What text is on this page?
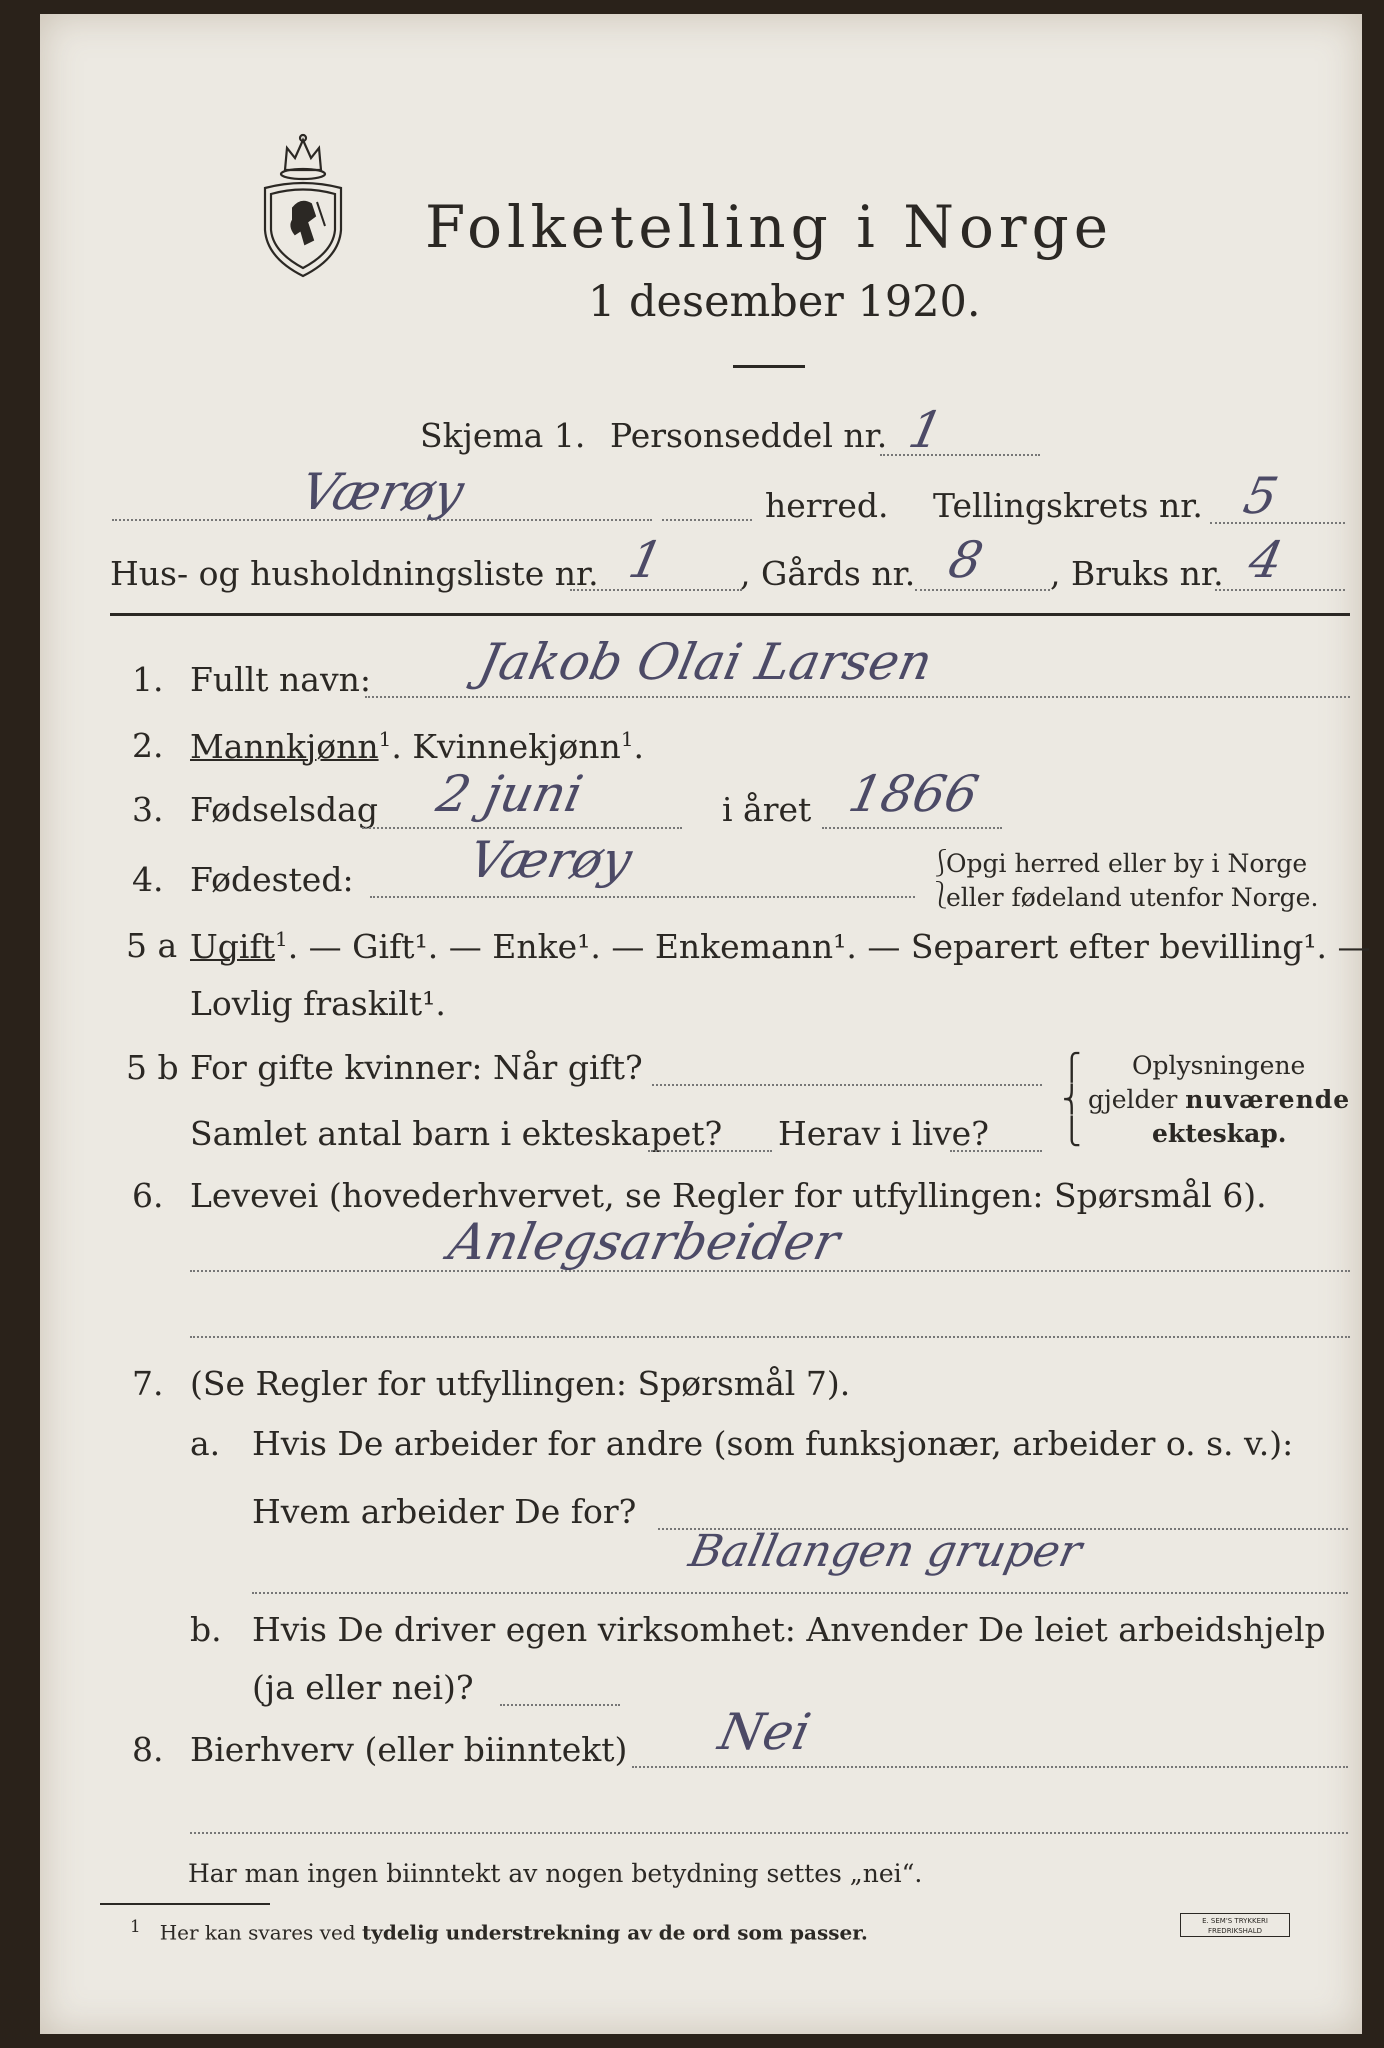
Folketelling i Norge
1 desember 1920.
Skjema 1. Personseddel nr. 1
Værøy	herred. Tellingskrets nr. 5
Hus- og husholdningsliste nr. 1 , Gårds nr. 8 , Bruks nr. 4
1. Fullt navn: Jakob Olai Larsen
2. Mannkjønn$^1$. Kvinnekjønn$^1$.
3. Fødselsdag 2 juni	i året 1866
4. Fødested: Værøy	⎰
⎱
Opgi herred eller by i Norge
eller fødeland utenfor Norge.
5 a Ugift$^1$. — Gift¹. — Enke¹. — Enkemann¹. — Separert efter bevilling¹. —
Lovlig fraskilt¹.
5 b For gifte kvinner: Når gift?
Samlet antal barn i ekteskapet? Herav i live?
⎧
⎨
⎩
Oplysningene
gjelder nuværende
ekteskap.
6. Levevei (hovederhvervet, se Regler for utfyllingen: Spørsmål 6).
Anlegsarbeider
7. (Se Regler for utfyllingen: Spørsmål 7).
a. Hvis De arbeider for andre (som funksjonær, arbeider o. s. v.):
Hvem arbeider De for?
Ballangen gruper
b. Hvis De driver egen virksomhet: Anvender De leiet arbeidshjelp
(ja eller nei)?
8. Bierhverv (eller biinntekt) Nei
Har man ingen biinntekt av nogen betydning settes „nei“.
$^1$ Her kan svares ved tydelig understrekning av de ord som passer.	E. SEM'S TRYKKERI
FREDRIKSHALD
